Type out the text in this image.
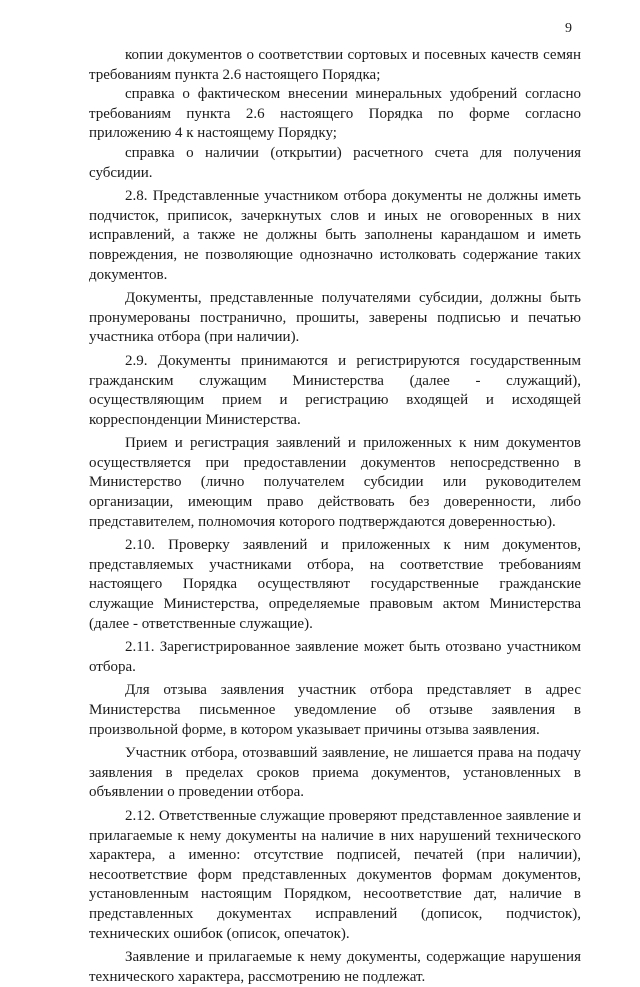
9

копии документов о соответствии сортовых и посевных качеств семян требованиям пункта 2.6 настоящего Порядка;

справка о фактическом внесении минеральных удобрений согласно требованиям пункта 2.6 настоящего Порядка по форме согласно приложению 4 к настоящему Порядку;

справка о наличии (открытии) расчетного счета для получения субсидии.

2.8. Представленные участником отбора документы не должны иметь подчисток, приписок, зачеркнутых слов и иных не оговоренных в них исправлений, а также не должны быть заполнены карандашом и иметь повреждения, не позволяющие однозначно истолковать содержание таких документов.

Документы, представленные получателями субсидии, должны быть пронумерованы постранично, прошиты, заверены подписью и печатью участника отбора (при наличии).

2.9. Документы принимаются и регистрируются государственным гражданским служащим Министерства (далее - служащий), осуществляющим прием и регистрацию входящей и исходящей корреспонденции Министерства.

Прием и регистрация заявлений и приложенных к ним документов осуществляется при предоставлении документов непосредственно в Министерство (лично получателем субсидии или руководителем организации, имеющим право действовать без доверенности, либо представителем, полномочия которого подтверждаются доверенностью).

2.10. Проверку заявлений и приложенных к ним документов, представляемых участниками отбора, на соответствие требованиям настоящего Порядка осуществляют государственные гражданские служащие Министерства, определяемые правовым актом Министерства (далее - ответственные служащие).

2.11. Зарегистрированное заявление может быть отозвано участником отбора.

Для отзыва заявления участник отбора представляет в адрес Министерства письменное уведомление об отзыве заявления в произвольной форме, в котором указывает причины отзыва заявления.

Участник отбора, отозвавший заявление, не лишается права на подачу заявления в пределах сроков приема документов, установленных в объявлении о проведении отбора.

2.12. Ответственные служащие проверяют представленное заявление и прилагаемые к нему документы на наличие в них нарушений технического характера, а именно: отсутствие подписей, печатей (при наличии), несоответствие форм представленных документов формам документов, установленным настоящим Порядком, несоответствие дат, наличие в представленных документах исправлений (дописок, подчисток), технических ошибок (описок, опечаток).

Заявление и прилагаемые к нему документы, содержащие нарушения технического характера, рассмотрению не подлежат.
